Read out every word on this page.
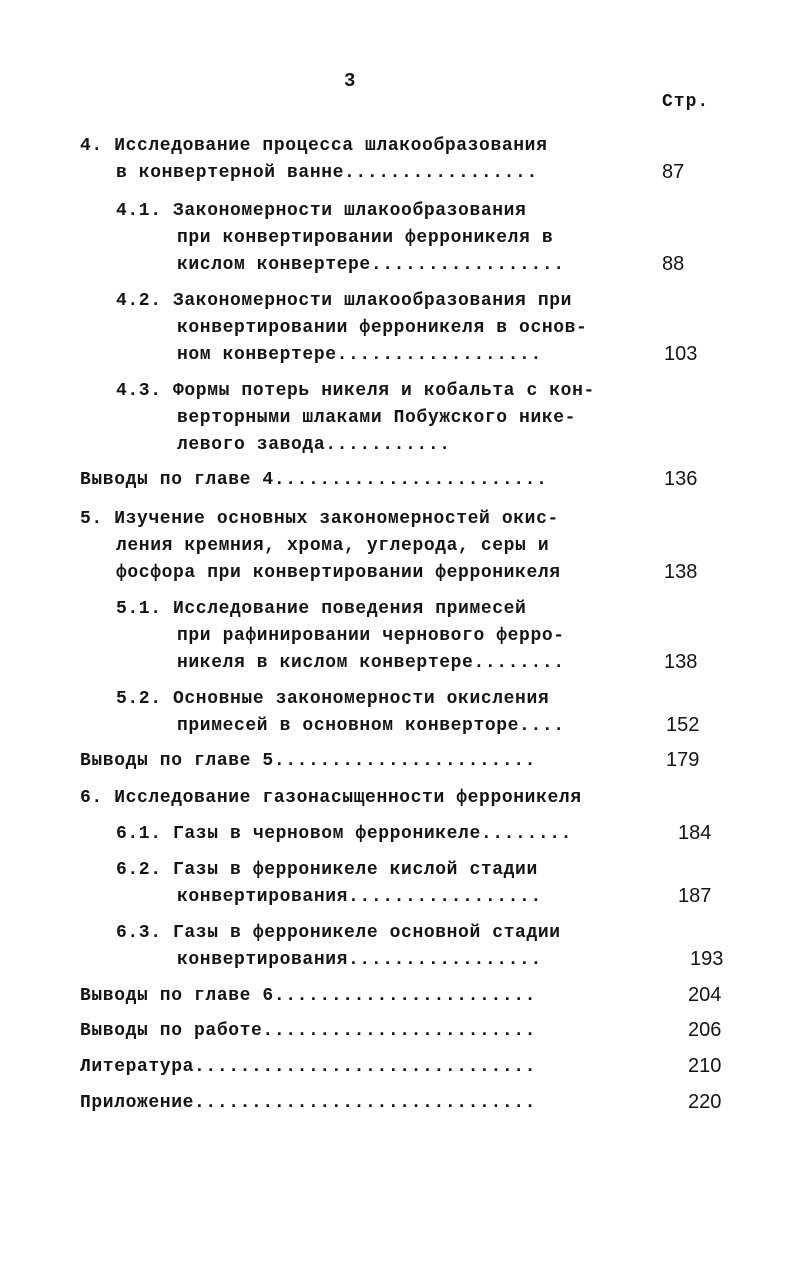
3
Стр.
4. Исследование процесса шлакообразования
в конвертерной ванне.................	87
4.1. Закономерности шлакообразования
при конвертировании ферроникеля в
кислом конвертере.................	88
4.2. Закономерности шлакообразования при
конвертировании ферроникеля в основ-
ном конвертере..................	103
4.3. Формы потерь никеля и кобальта с кон-
верторными шлаками Побужского нике-
левого завода...........
Выводы по главе 4........................	136
5. Изучение основных закономерностей окис-
ления кремния, хрома, углерода, серы и
фосфора при конвертировании ферроникеля	138
5.1. Исследование поведения примесей
при рафинировании чернового ферро-
никеля в кислом конвертере........	138
5.2. Основные закономерности окисления
примесей в основном конверторе....	152
Выводы по главе 5.......................	179
6. Исследование газонасыщенности ферроникеля
6.1. Газы в черновом ферроникеле........	184
6.2. Газы в ферроникеле кислой стадии
конвертирования.................	187
6.3. Газы в ферроникеле основной стадии
конвертирования.................	193
Выводы по главе 6.......................	204
Выводы по работе........................	206
Литература..............................	210
Приложение..............................	220
